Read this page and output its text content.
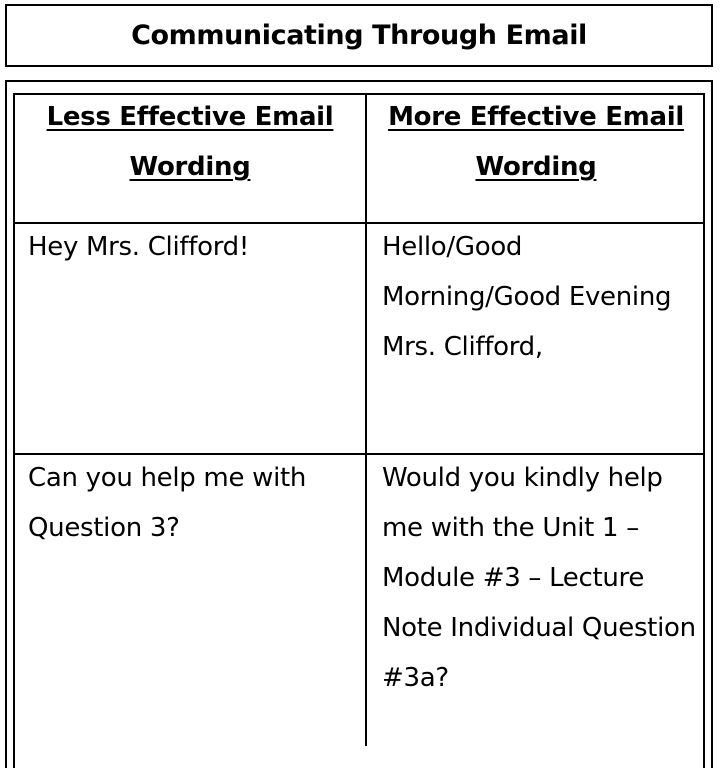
Communicating Through Email
Less Effective Email Wording
More Effective Email Wording
Hey Mrs. Clifford!	Hello/Good Morning/Good Evening Mrs. Clifford,
Can you help me with Question 3?
Would you kindly help me with the Unit 1 – Module #3 – Lecture Note Individual Question #3a?
